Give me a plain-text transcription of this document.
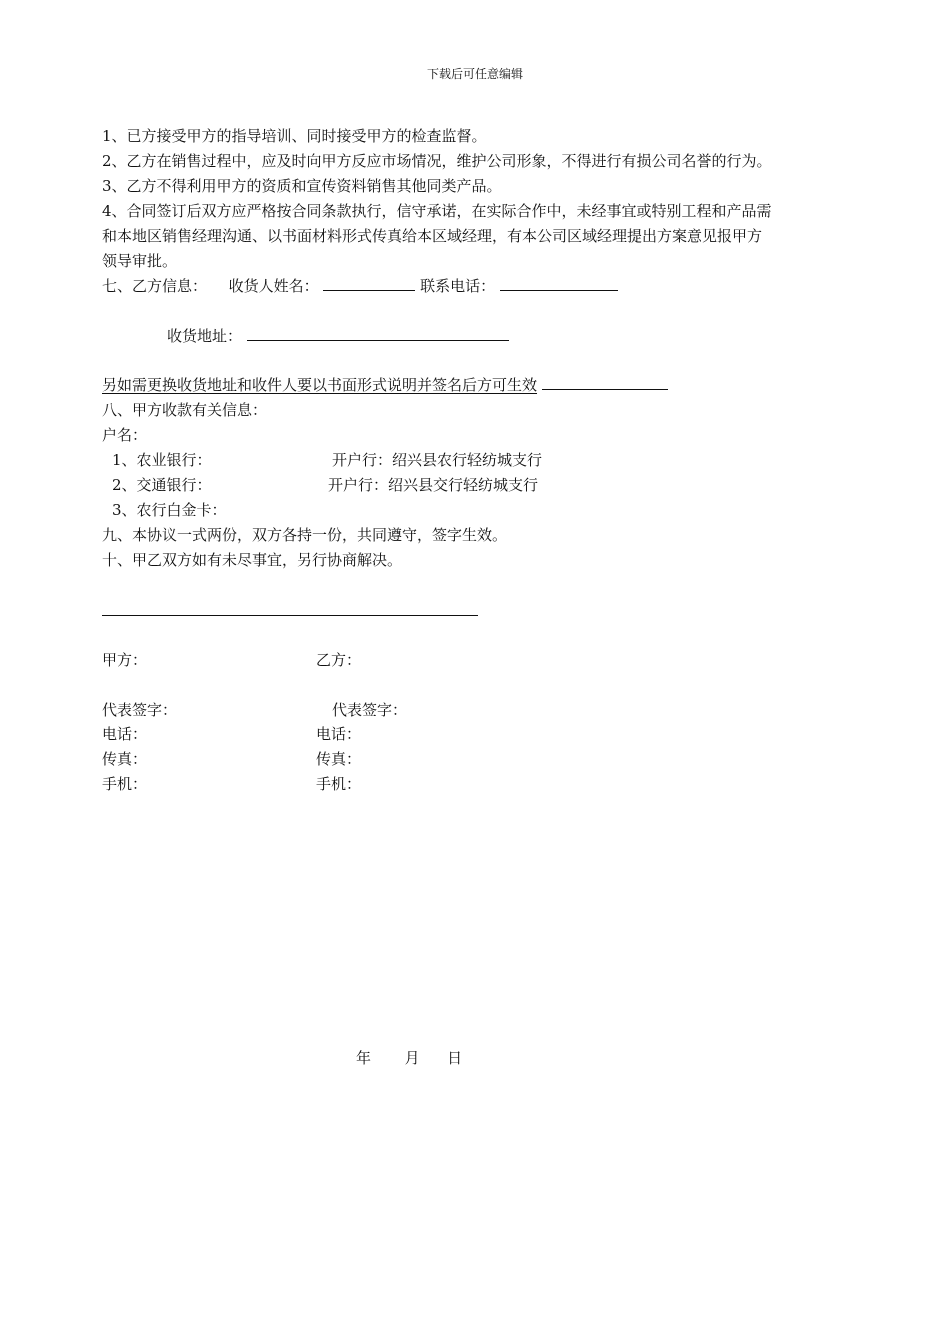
下载后可任意编辑
1、已方接受甲方的指导培训、同时接受甲方的检查监督。
2、乙方在销售过程中，应及时向甲方反应市场情况，维护公司形象，不得进行有损公司名誉的行为。
3、乙方不得利用甲方的资质和宣传资料销售其他同类产品。
4、合同签订后双方应严格按合同条款执行，信守承诺，在实际合作中，未经事宜或特别工程和产品需
和本地区销售经理沟通、以书面材料形式传真给本区域经理，有本公司区域经理提出方案意见报甲方
领导审批。
七、乙方信息： 收货人姓名：	联系电话：
收货地址：
另如需更换收货地址和收件人要以书面形式说明并签名后方可生效
八、甲方收款有关信息：
户名：
1、农业银行：	开户行：绍兴县农行轻纺城支行
2、交通银行：	开户行：绍兴县交行轻纺城支行
3、农行白金卡：
九、本协议一式两份，双方各持一份，共同遵守，签字生效。
十、甲乙双方如有未尽事宜，另行协商解决。
甲方：	乙方：
代表签字：	代表签字：
电话：	电话：
传真：	传真：
手机：	手机：
年 月 日
